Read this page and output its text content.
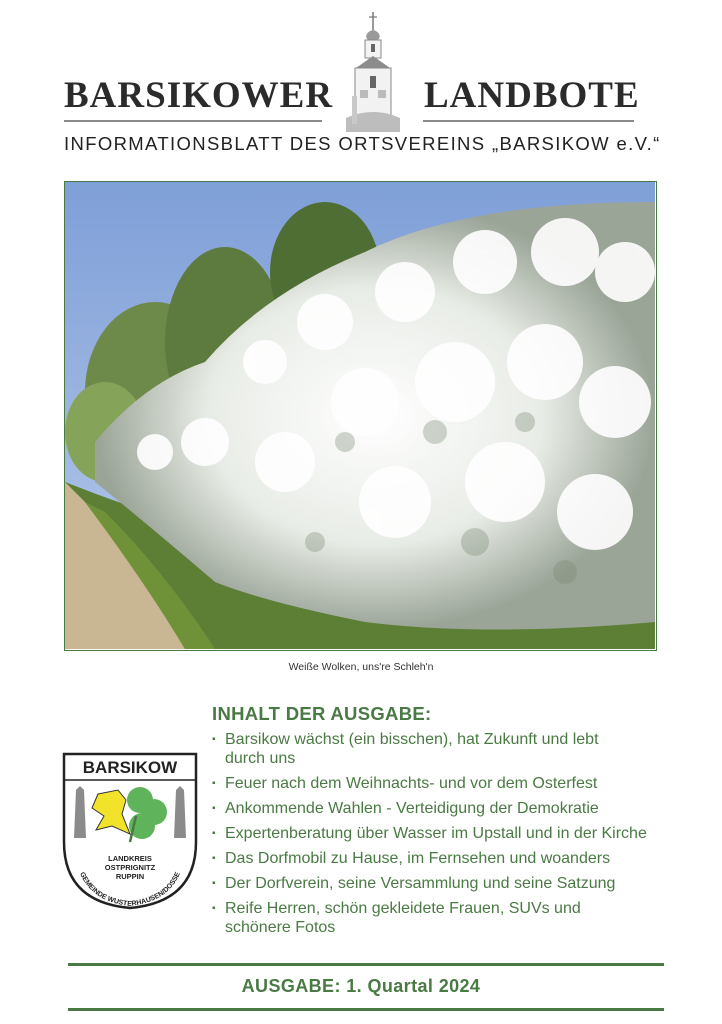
BARSIKOWER LANDBOTE
INFORMATIONSBLATT DES ORTSVEREINS „BARSIKOW e.V.“
Weiße Wolken, uns're Schleh'n
INHALT DER AUSGABE:
▪ Barsikow wächst (ein bisschen), hat Zukunft und lebt durch uns
▪ Feuer nach dem Weihnachts- und vor dem Osterfest
▪ Ankommende Wahlen - Verteidigung der Demokratie
▪ Expertenberatung über Wasser im Upstall und in der Kirche
▪ Das Dorfmobil zu Hause, im Fernsehen und woanders
▪ Der Dorfverein, seine Versammlung und seine Satzung
▪ Reife Herren, schön gekleidete Frauen, SUVs und schönere Fotos
BARSIKOW
LANDKREIS
OSTPRIGNITZ
RUPPIN
GEMEINDE WUSTERHAUSEN/DOSSE
AUSGABE: 1. Quartal 2024
